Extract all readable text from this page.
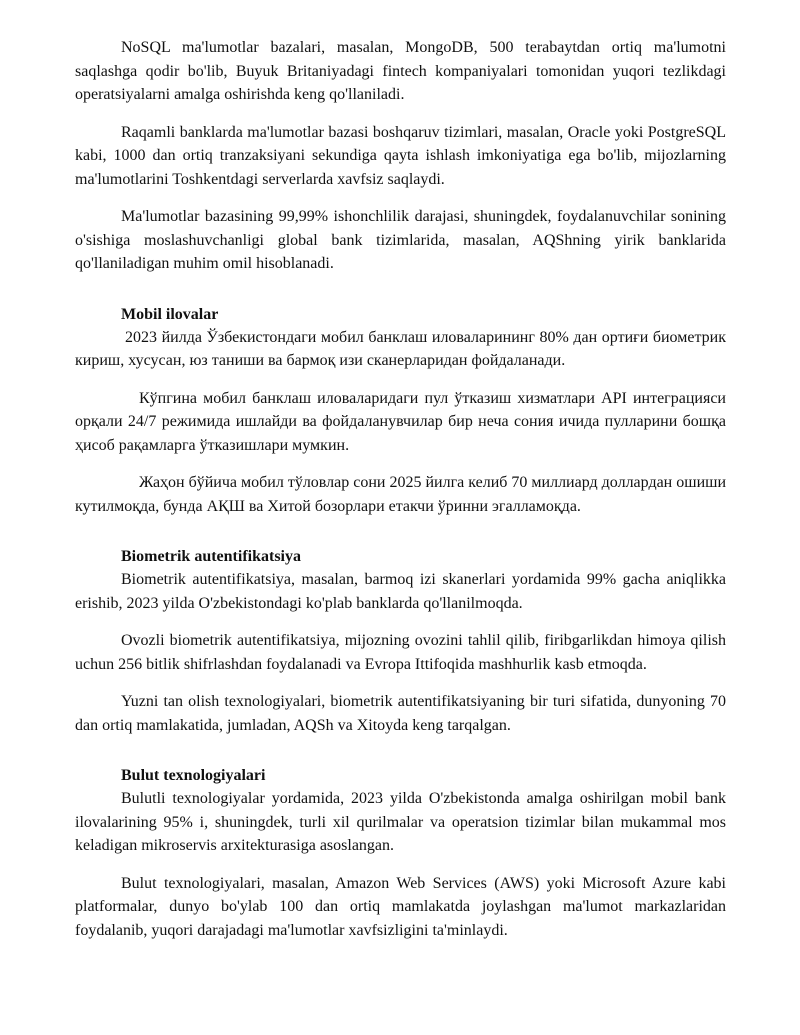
NoSQL ma'lumotlar bazalari, masalan, MongoDB, 500 terabaytdan ortiq ma'lumotni saqlashga qodir bo'lib, Buyuk Britaniyadagi fintech kompaniyalari tomonidan yuqori tezlikdagi operatsiyalarni amalga oshirishda keng qo'llaniladi.

Raqamli banklarda ma'lumotlar bazasi boshqaruv tizimlari, masalan, Oracle yoki PostgreSQL kabi, 1000 dan ortiq tranzaksiyani sekundiga qayta ishlash imkoniyatiga ega bo'lib, mijozlarning ma'lumotlarini Toshkentdagi serverlarda xavfsiz saqlaydi.

Ma'lumotlar bazasining 99,99% ishonchlilik darajasi, shuningdek, foydalanuvchilar sonining o'sishiga moslashuvchanligi global bank tizimlarida, masalan, AQShning yirik banklarida qo'llaniladigan muhim omil hisoblanadi.

Mobil ilovalar

2023 йилда Ўзбекистондаги мобил банклаш иловаларининг 80% дан ортиғи биометрик кириш, хусусан, юз таниши ва бармоқ изи сканерларидан фойдаланади.

Кўпгина мобил банклаш иловаларидаги пул ўтказиш хизматлари API интеграцияси орқали 24/7 режимида ишлайди ва фойдаланувчилар бир неча сония ичида пулларини бошқа ҳисоб рақамларга ўтказишлари мумкин.

Жаҳон бўйича мобил тўловлар сони 2025 йилга келиб 70 миллиард доллардан ошиши кутилмоқда, бунда АҚШ ва Хитой бозорлари етакчи ўринни эгалламоқда.

Biometrik autentifikatsiya

Biometrik autentifikatsiya, masalan, barmoq izi skanerlari yordamida 99% gacha aniqlikka erishib, 2023 yilda O'zbekistondagi ko'plab banklarda qo'llanilmoqda.

Ovozli biometrik autentifikatsiya, mijozning ovozini tahlil qilib, firibgarlikdan himoya qilish uchun 256 bitlik shifrlashdan foydalanadi va Evropa Ittifoqida mashhurlik kasb etmoqda.

Yuzni tan olish texnologiyalari, biometrik autentifikatsiyaning bir turi sifatida, dunyoning 70 dan ortiq mamlakatida, jumladan, AQSh va Xitoyda keng tarqalgan.

Bulut texnologiyalari

Bulutli texnologiyalar yordamida, 2023 yilda O'zbekistonda amalga oshirilgan mobil bank ilovalarining 95% i, shuningdek, turli xil qurilmalar va operatsion tizimlar bilan mukammal mos keladigan mikroservis arxitekturasiga asoslangan.

Bulut texnologiyalari, masalan, Amazon Web Services (AWS) yoki Microsoft Azure kabi platformalar, dunyo bo'ylab 100 dan ortiq mamlakatda joylashgan ma'lumot markazlaridan foydalanib, yuqori darajadagi ma'lumotlar xavfsizligini ta'minlaydi.
